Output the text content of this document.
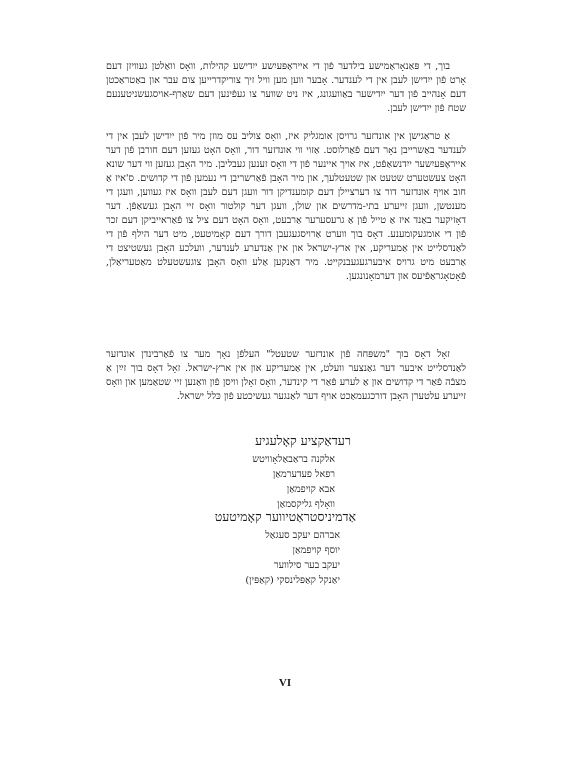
בוך, די פּאַנאָראַמישע בילדער פֿון די אייראָפּעיִשע ייִדישע קהילות, וואָס וואַלטן געוויזן דעם אָרט פֿון ייִדישן לעבן אין די לענדער. אָבער ווען מען וויל זיך צוריקדרייען צום עבר און באַטראַכטן דעם אָנהייב פֿון דער ייִדישער באַוועגונג, איז ניט שווער צו געפֿינען דעם שאַרף-אויסגעשניטענעם שטח פֿון ייִדישן לעבן.

אַ טראַגישן אין אונדזער גרויסן אומגליק איז, וואָס צוליב עס מוזן מיר פֿון ייִדישן לעבן אין די לענדער באַשרייבן נאָר דעם פֿאַרלוסט. אַזוי ווי אונדזער דור, וואָס האָט געזען דעם חורבן פֿון דער אייראָפּעיִשער ייִדנשאַפֿט, איז אויך איינער פֿון די וואָס זענען געבליבן. מיר האָבן געזען ווי דער שונא האָט צעשטערט שטעט און שטעטלעך, און מיר האָבן פֿאַרשריבן די נעמען פֿון די קדושים. ס'איז אַ חוב אויף אונדזער דור צו דערציילן דעם קומענדיקן דור וועגן דעם לעבן וואָס איז געווען, וועגן די מענטשן, וועגן זייערע בתי-מדרשים און שולן, וועגן דער קולטור וואָס זיי האָבן געשאַפֿן. דער דאָזיקער באַנד איז אַ טייל פֿון אַ גרעסערער אַרבעט, וואָס האָט דעם ציל צו פֿאַראייביקן דעם זכר פֿון די אומגעקומענע. דאָס בוך ווערט אַרויסגעגעבן דורך דעם קאָמיטעט, מיט דער הילף פֿון די לאַנדסלייט אין אַמעריקע, אין ארץ-ישראל און אין אַנדערע לענדער, וועלכע האָבן געשטיצט די אַרבעט מיט גרויס איבערגעגעבנקייט. מיר דאַנקען אַלע וואָס האָבן צוגעשטעלט מאַטעריאַלן, פֿאָטאָגראַפֿיעס און דערמאָנונגען.

זאָל דאָס בוך "משפּחה פֿון אונדזער שטעטל" העלפֿן נאָך מער צו פֿאַרבינדן אונדזער לאַנדסלייט איבער דער גאַנצער וועלט, אין אַמעריקע און אין ארץ-ישראל. זאָל דאָס בוך זײַן אַ מצבֿה פֿאַר די קדושים און אַ לערע פֿאַר די קינדער, וואָס זאָלן וויסן פֿון וואַנען זיי שטאַמען און וואָס זייערע עלטערן האָבן דורכגעמאַכט אויף דער לאַנגער געשיכטע פֿון כּלל ישראל.

רעדאַקציע קאָלעגיע
אלקנה בראַבאַלאָוויטש
רפאל פעדערמאַן
אבא קויפמאַן
וואָלף גליקסמאַן
אַדמיניסטראַטיווער קאָמיטעט
אברהם יעקב סעגאַל
יוסף קויפמאַן
יעקב בער סילווער
יאַנקל קאַפּלינסקי (קאַפּין)
VI
